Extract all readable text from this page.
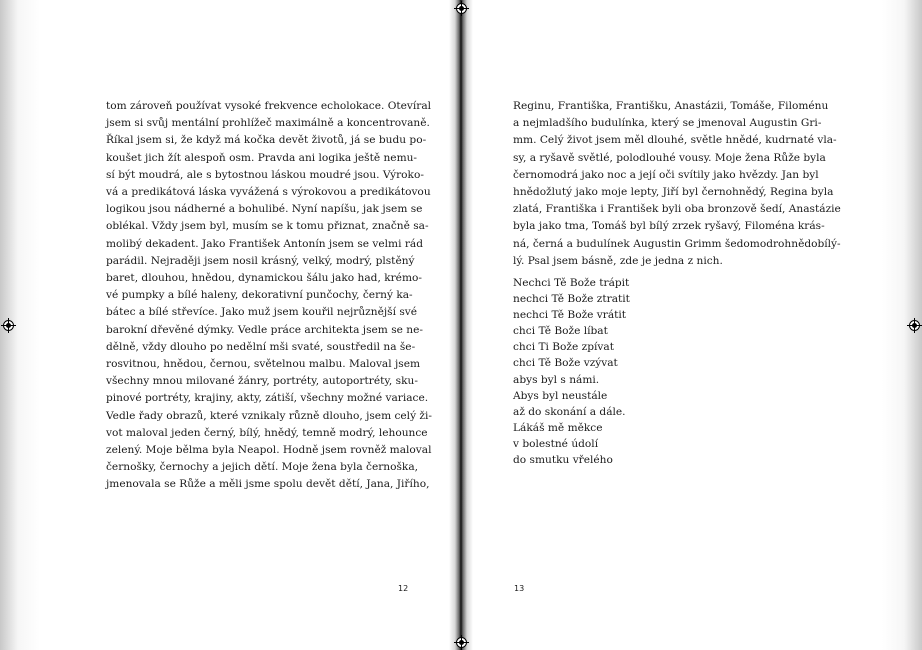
tom zároveň používat vysoké frekvence echolokace. Otevíral
jsem si svůj mentální prohlížeč maximálně a koncentrovaně.
Říkal jsem si, že když má kočka devět životů, já se budu po-
koušet jich žít alespoň osm. Pravda ani logika ještě nemu-
sí být moudrá, ale s bytostnou láskou moudré jsou. Výroko-
vá a predikátová láska vyvážená s výrokovou a predikátovou
logikou jsou nádherné a bohulibé. Nyní napíšu, jak jsem se
oblékal. Vždy jsem byl, musím se k tomu přiznat, značně sa-
molibý dekadent. Jako František Antonín jsem se velmi rád
parádil. Nejraději jsem nosil krásný, velký, modrý, plstěný
baret, dlouhou, hnědou, dynamickou šálu jako had, krémo-
vé pumpky a bílé haleny, dekorativní punčochy, černý ka-
bátec a bílé střevíce. Jako muž jsem kouřil nejrůznější své
barokní dřevěné dýmky. Vedle práce architekta jsem se ne-
dělně, vždy dlouho po nedělní mši svaté, soustředil na še-
rosvitnou, hnědou, černou, světelnou malbu. Maloval jsem
všechny mnou milované žánry, portréty, autoportréty, sku-
pinové portréty, krajiny, akty, zátiší, všechny možné variace.
Vedle řady obrazů, které vznikaly různě dlouho, jsem celý ži-
vot maloval jeden černý, bílý, hnědý, temně modrý, lehounce
zelený. Moje bělma byla Neapol. Hodně jsem rovněž maloval
černošky, černochy a jejich dětí. Moje žena byla černoška,
jmenovala se Růže a měli jsme spolu devět dětí, Jana, Jiřího,
Reginu, Františka, Františku, Anastázii, Tomáše, Filoménu
a nejmladšího budulínka, který se jmenoval Augustin Gri-
mm. Celý život jsem měl dlouhé, světle hnědé, kudrnaté vla-
sy, a ryšavě světlé, polodlouhé vousy. Moje žena Růže byla
černomodrá jako noc a její oči svítily jako hvězdy. Jan byl
hnědožlutý jako moje lepty, Jiří byl černohnědý, Regina byla
zlatá, Františka i František byli oba bronzově šedí, Anastázie
byla jako tma, Tomáš byl bílý zrzek ryšavý, Filoména krás-
ná, černá a budulínek Augustin Grimm šedomodrohnědobílý-
lý. Psal jsem básně, zde je jedna z nich.
Nechci Tě Bože trápit
nechci Tě Bože ztratit
nechci Tě Bože vrátit
chci Tě Bože líbat
chci Ti Bože zpívat
chci Tě Bože vzývat
abys byl s námi.
Abys byl neustále
až do skonání a dále.
Lákáš mě měkce
v bolestné údolí
do smutku vřelého
12	13
